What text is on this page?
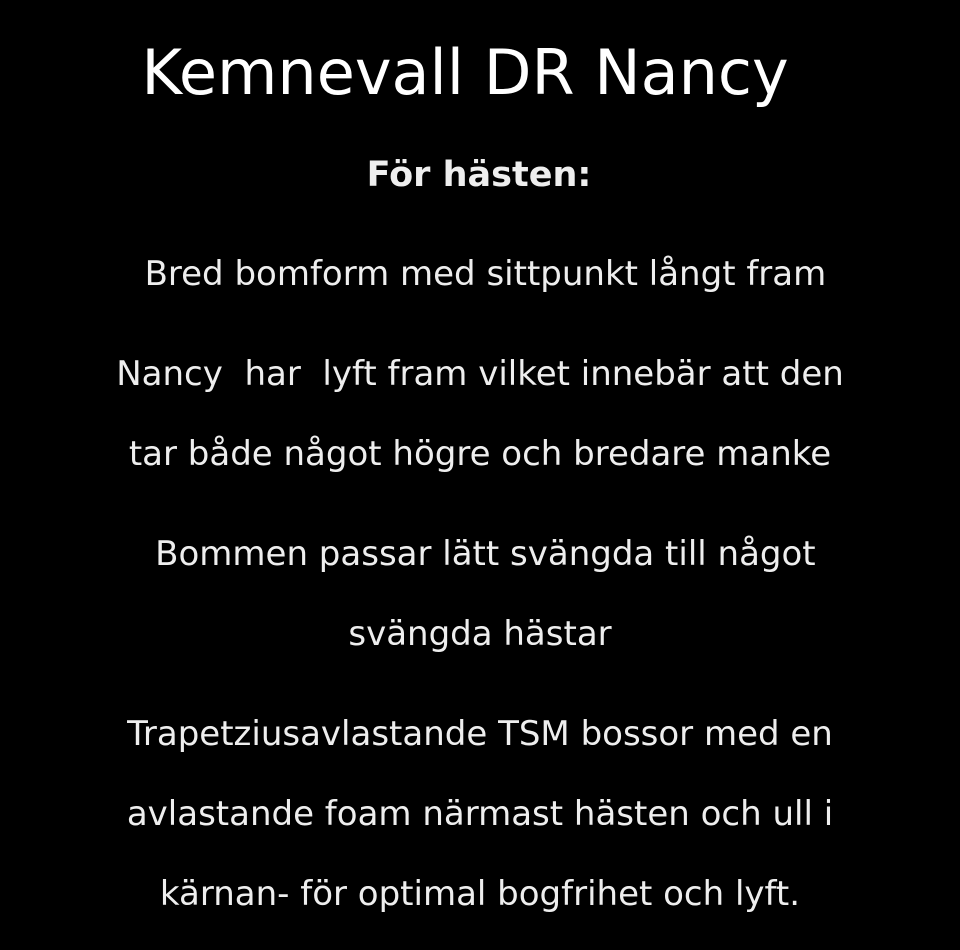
Kemnevall DR Nancy
För hästen:
Bred bomform med sittpunkt långt fram
Nancy  har  lyft fram vilket innebär att den
tar både något högre och bredare manke
Bommen passar lätt svängda till något
svängda hästar
Trapetziusavlastande TSM bossor med en
avlastande foam närmast hästen och ull i
kärnan- för optimal bogfrihet och lyft.
